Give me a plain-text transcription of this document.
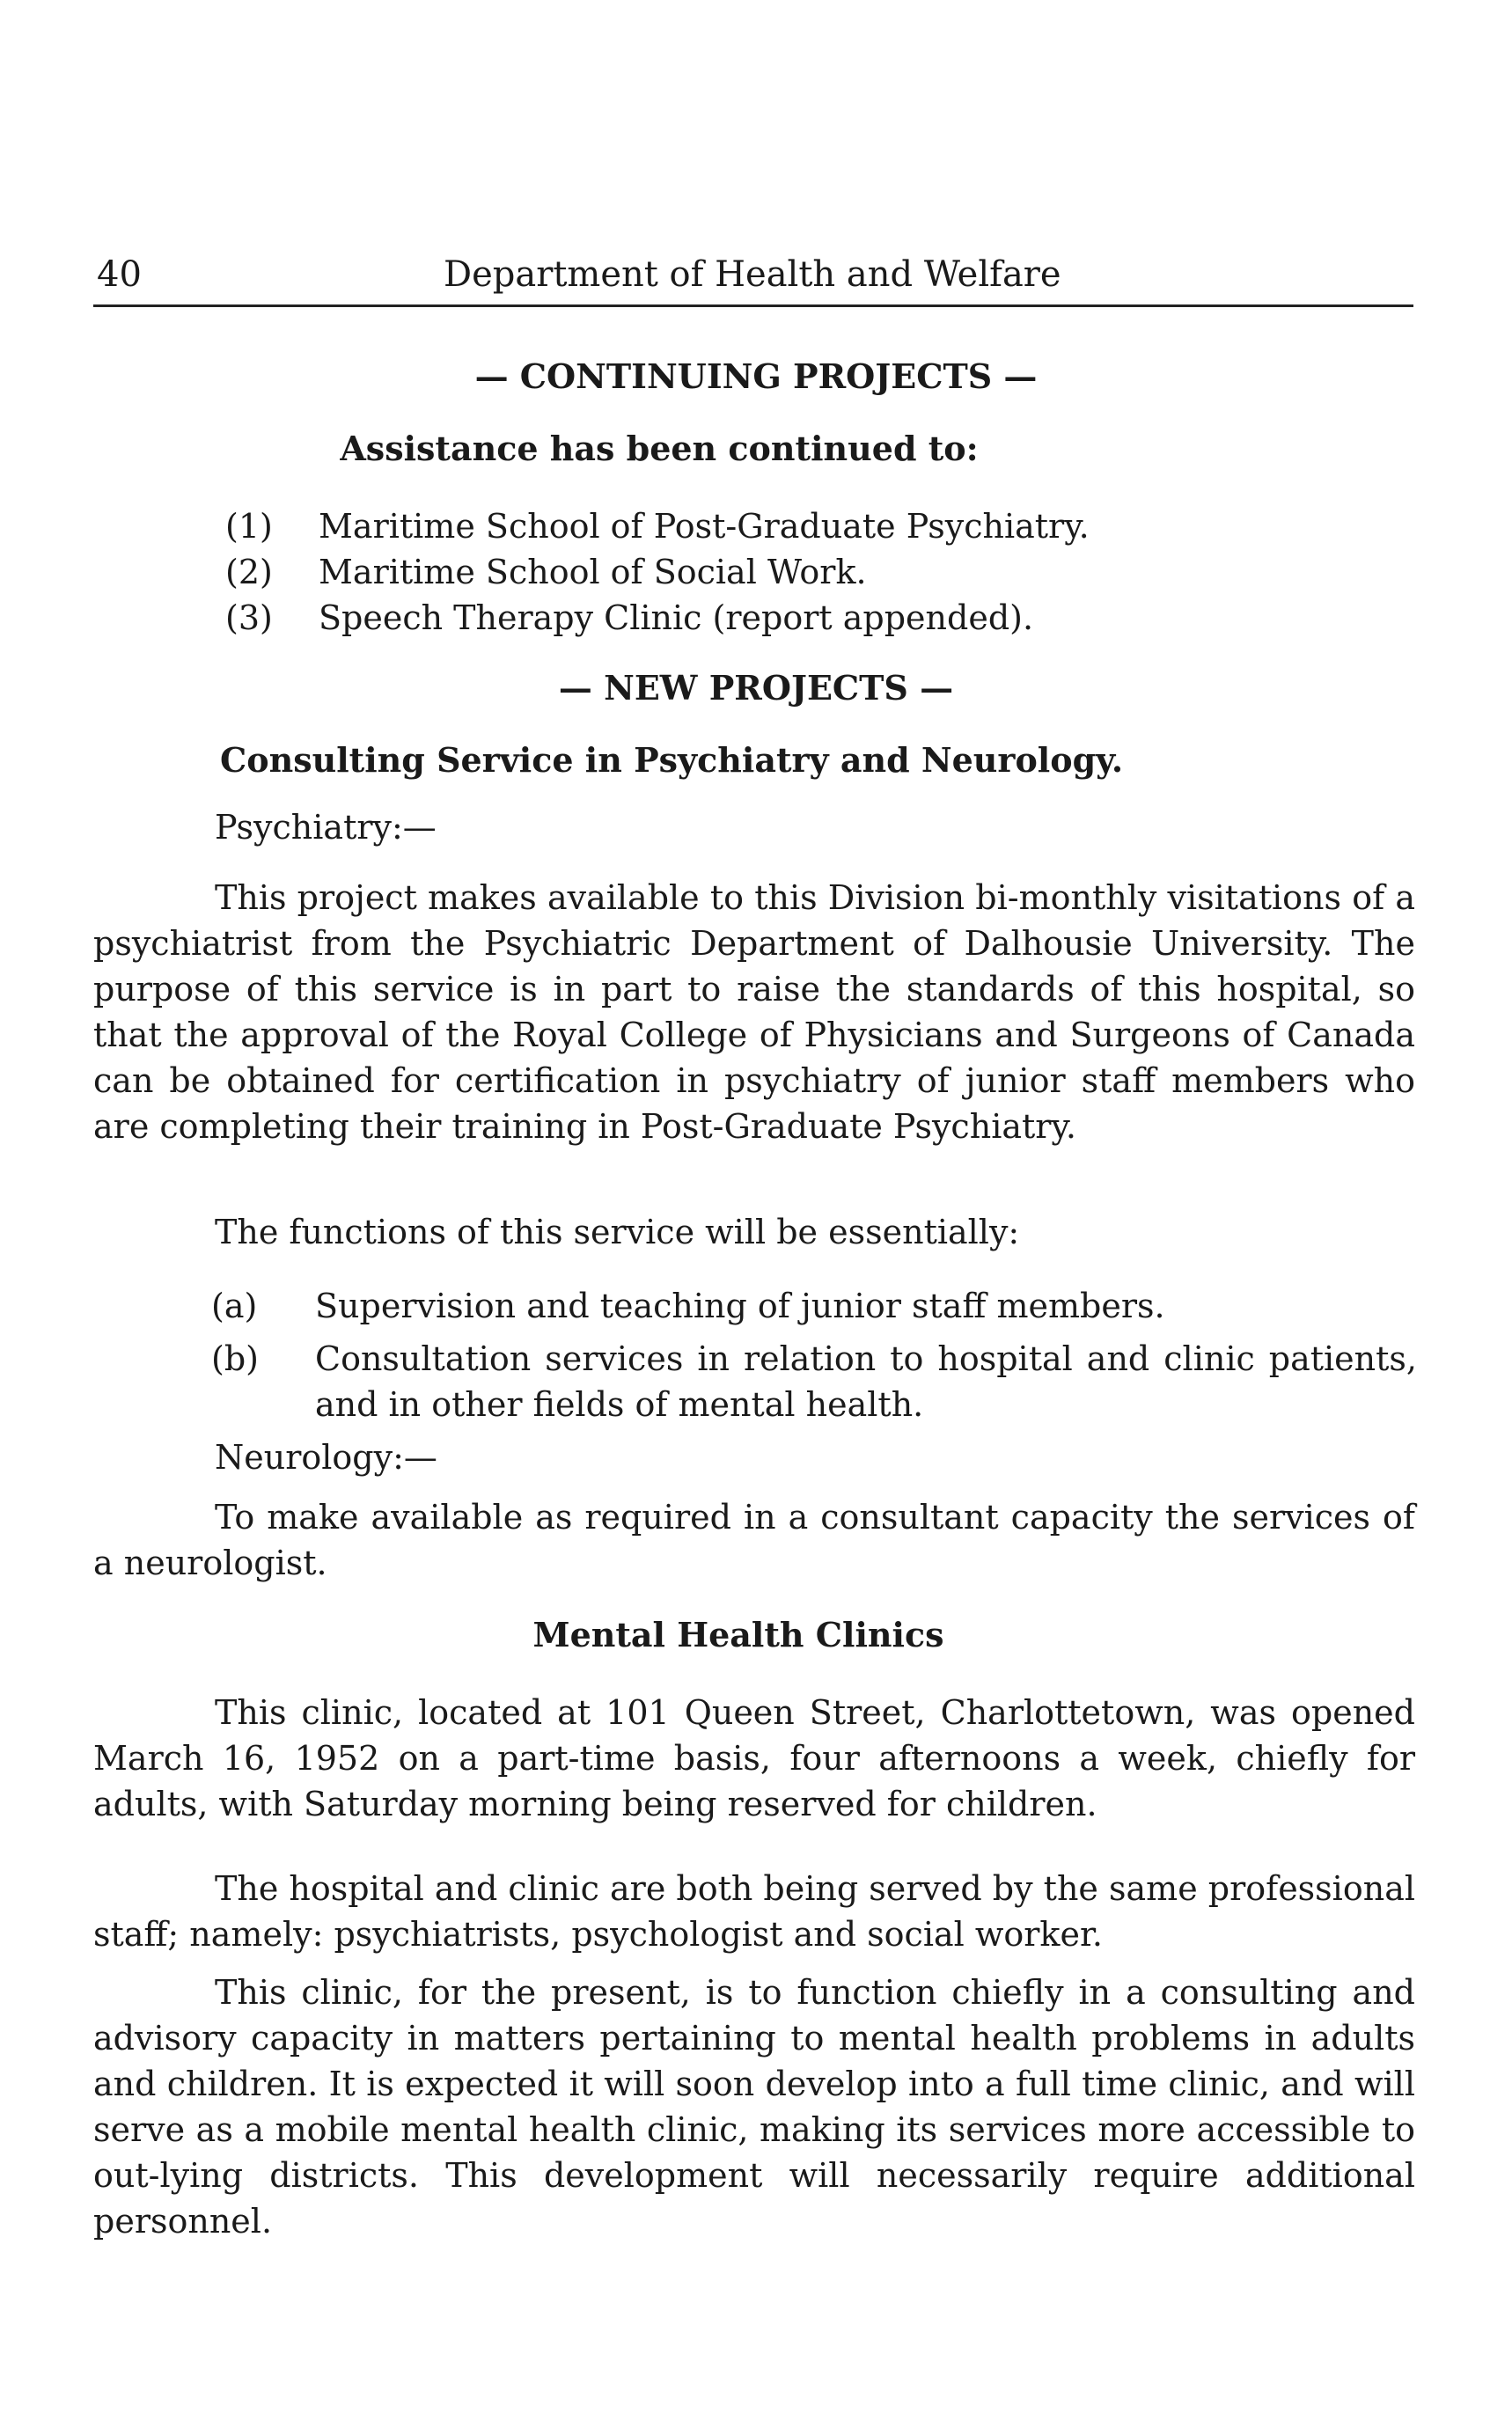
40	Department of Health and Welfare
— CONTINUING PROJECTS —
Assistance has been continued to:
(1)	Maritime School of Post-Graduate Psychiatry.
(2)	Maritime School of Social Work.
(3)	Speech Therapy Clinic (report appended).
— NEW PROJECTS —
Consulting Service in Psychiatry and Neurology.
Psychiatry:—

This project makes available to this Division bi-monthly visitations of a psychiatrist from the Psychiatric Department of Dalhousie University. The purpose of this service is in part to raise the standards of this hospital, so that the approval of the Royal College of Physicians and Surgeons of Canada can be obtained for certification in psychiatry of junior staff members who are completing their training in Post-Graduate Psychiatry.

The functions of this service will be essentially:
(a)	Supervision and teaching of junior staff members.
(b)	Consultation services in relation to hospital and clinic patients, and in other fields of mental health.
Neurology:—

To make available as required in a consultant capacity the services of a neurologist.

Mental Health Clinics

This clinic, located at 101 Queen Street, Charlottetown, was opened March 16, 1952 on a part-time basis, four afternoons a week, chiefly for adults, with Saturday morning being reserved for children.

The hospital and clinic are both being served by the same professional staff; namely: psychiatrists, psychologist and social worker.

This clinic, for the present, is to function chiefly in a consulting and advisory capacity in matters pertaining to mental health problems in adults and children. It is expected it will soon develop into a full time clinic, and will serve as a mobile mental health clinic, making its services more accessible to out-lying districts. This development will necessarily require additional personnel.
